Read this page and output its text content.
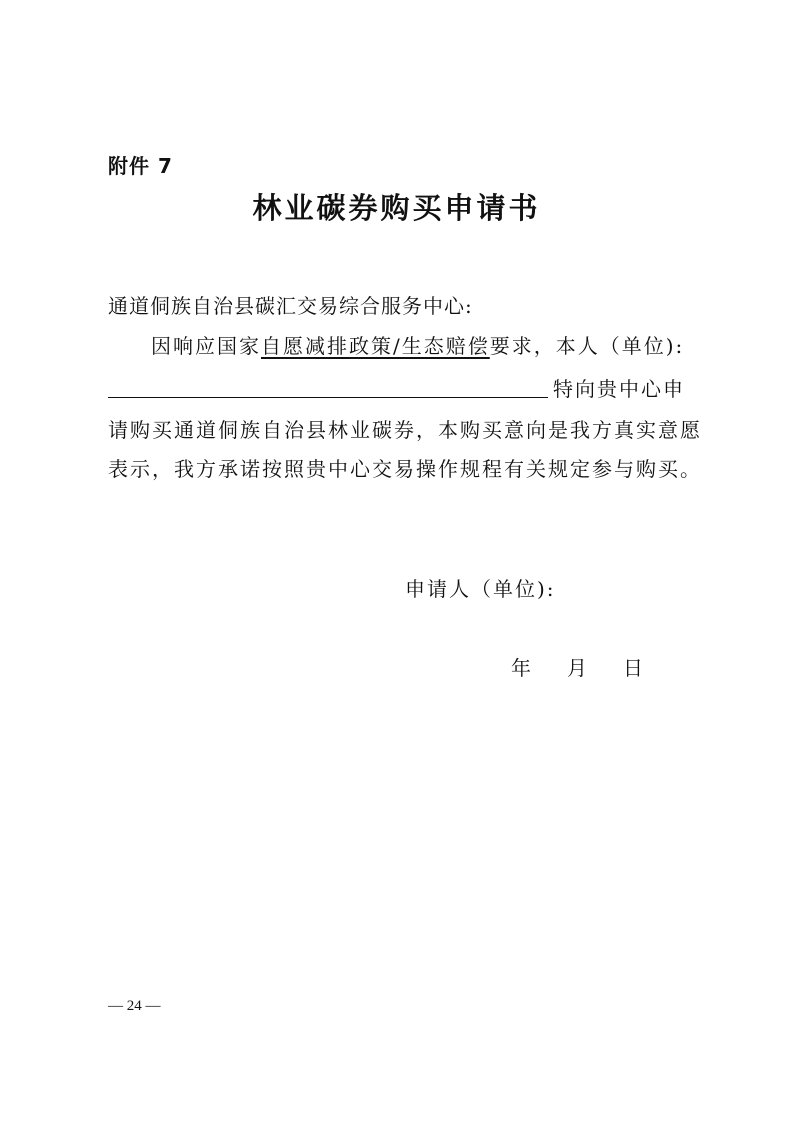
附件 7
林业碳券购买申请书
通道侗族自治县碳汇交易综合服务中心:
因响应国家自愿减排政策/生态赔偿要求，本人（单位):
特向贵中心申
请购买通道侗族自治县林业碳券，本购买意向是我方真实意愿
表示，我方承诺按照贵中心交易操作规程有关规定参与购买。
申请人（单位):
年 月 日
— 24 —
